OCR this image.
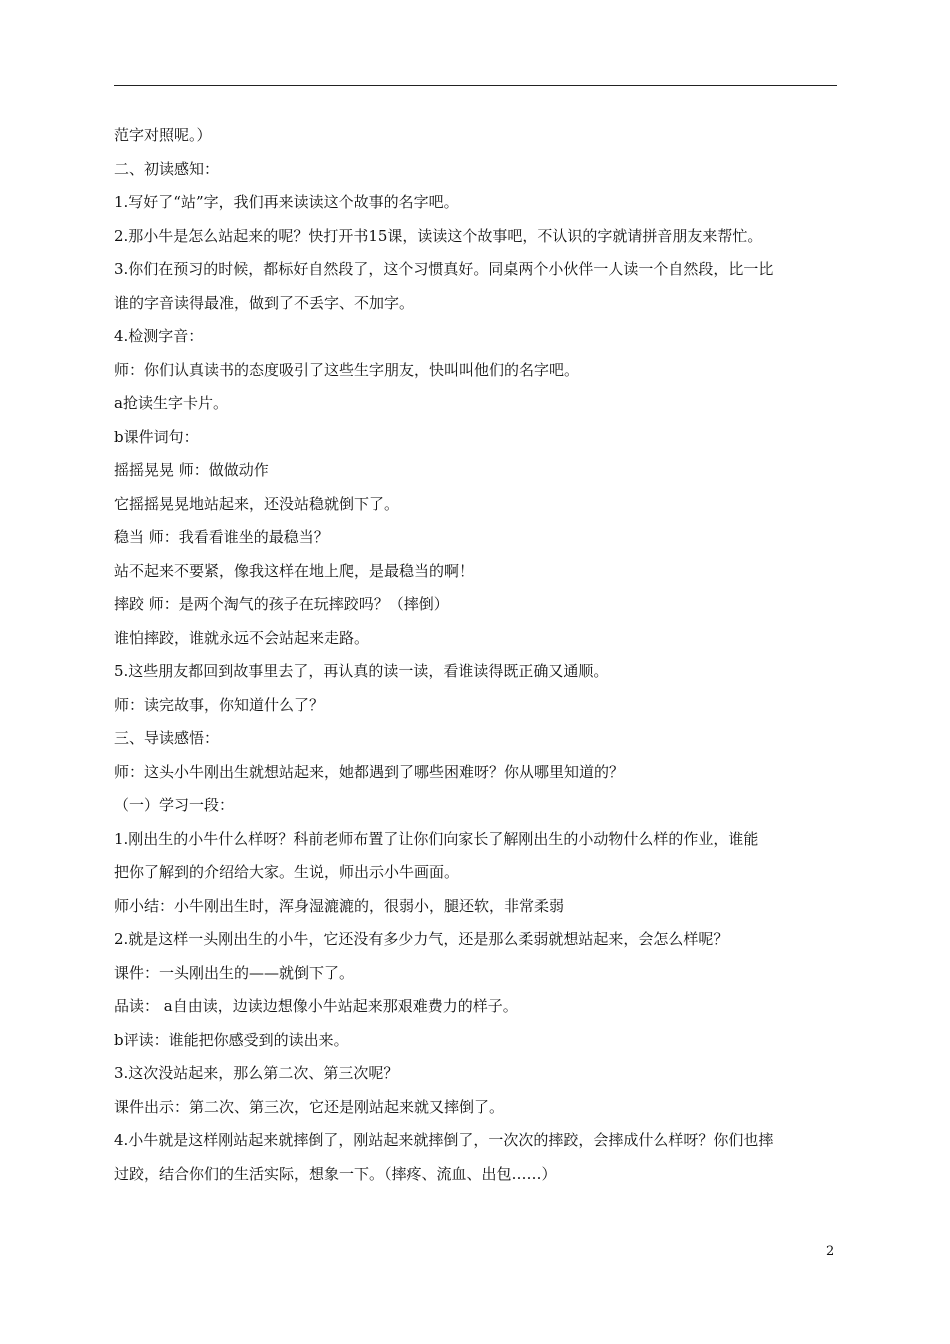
范字对照呢。）
二、初读感知：
1.写好了“站”字，我们再来读读这个故事的名字吧。
2.那小牛是怎么站起来的呢？快打开书15课，读读这个故事吧，不认识的字就请拼音朋友来帮忙。
3.你们在预习的时候，都标好自然段了，这个习惯真好。同桌两个小伙伴一人读一个自然段，比一比
谁的字音读得最准，做到了不丢字、不加字。
4.检测字音：
师：你们认真读书的态度吸引了这些生字朋友，快叫叫他们的名字吧。
a抢读生字卡片。
b课件词句：
摇摇晃晃 师：做做动作
它摇摇晃晃地站起来，还没站稳就倒下了。
稳当 师：我看看谁坐的最稳当？
站不起来不要紧，像我这样在地上爬，是最稳当的啊！
摔跤 师：是两个淘气的孩子在玩摔跤吗？（摔倒）
谁怕摔跤，谁就永远不会站起来走路。
5.这些朋友都回到故事里去了，再认真的读一读，看谁读得既正确又通顺。
师：读完故事，你知道什么了？
三、导读感悟：
师：这头小牛刚出生就想站起来，她都遇到了哪些困难呀？你从哪里知道的？
（一）学习一段：
1.刚出生的小牛什么样呀？科前老师布置了让你们向家长了解刚出生的小动物什么样的作业，谁能
把你了解到的介绍给大家。生说，师出示小牛画面。
师小结：小牛刚出生时，浑身湿漉漉的，很弱小，腿还软，非常柔弱
2.就是这样一头刚出生的小牛，它还没有多少力气，还是那么柔弱就想站起来，会怎么样呢？
课件：一头刚出生的——就倒下了。
品读： a自由读，边读边想像小牛站起来那艰难费力的样子。
b评读：谁能把你感受到的读出来。
3.这次没站起来，那么第二次、第三次呢？
课件出示：第二次、第三次，它还是刚站起来就又摔倒了。
4.小牛就是这样刚站起来就摔倒了，刚站起来就摔倒了，一次次的摔跤，会摔成什么样呀？你们也摔
过跤，结合你们的生活实际，想象一下。（摔疼、流血、出包……）
2
